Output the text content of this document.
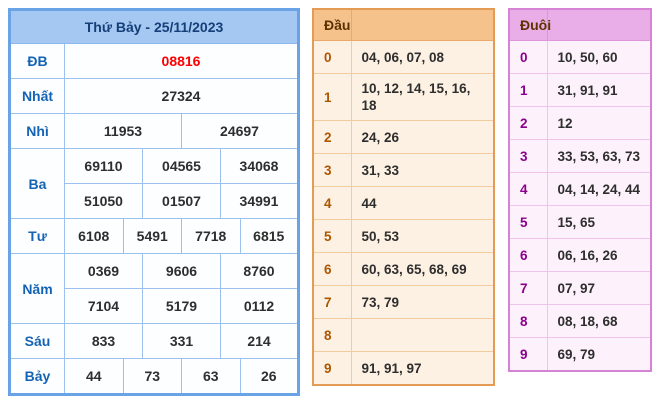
Thứ Bảy - 25/11/2023						
ĐB	08816					
Nhất	27324					
Nhì	11953			24697		
Ba	69110		04565		34068	
	51050		01507		34991	
Tư	6108	5491		7718		6815
Năm	0369		9606		8760	
	7104		5179		0112	
Sáu	833		331		214	
Bảy	44	73		63		26
Đầu	
0	04, 06, 07, 08
1	10, 12, 14, 15, 16, 18
2	24, 26
3	31, 33
4	44
5	50, 53
6	60, 63, 65, 68, 69
7	73, 79
8	
9	91, 91, 97
Đuôi	
0	10, 50, 60
1	31, 91, 91
2	12
3	33, 53, 63, 73
4	04, 14, 24, 44
5	15, 65
6	06, 16, 26
7	07, 97
8	08, 18, 68
9	69, 79
